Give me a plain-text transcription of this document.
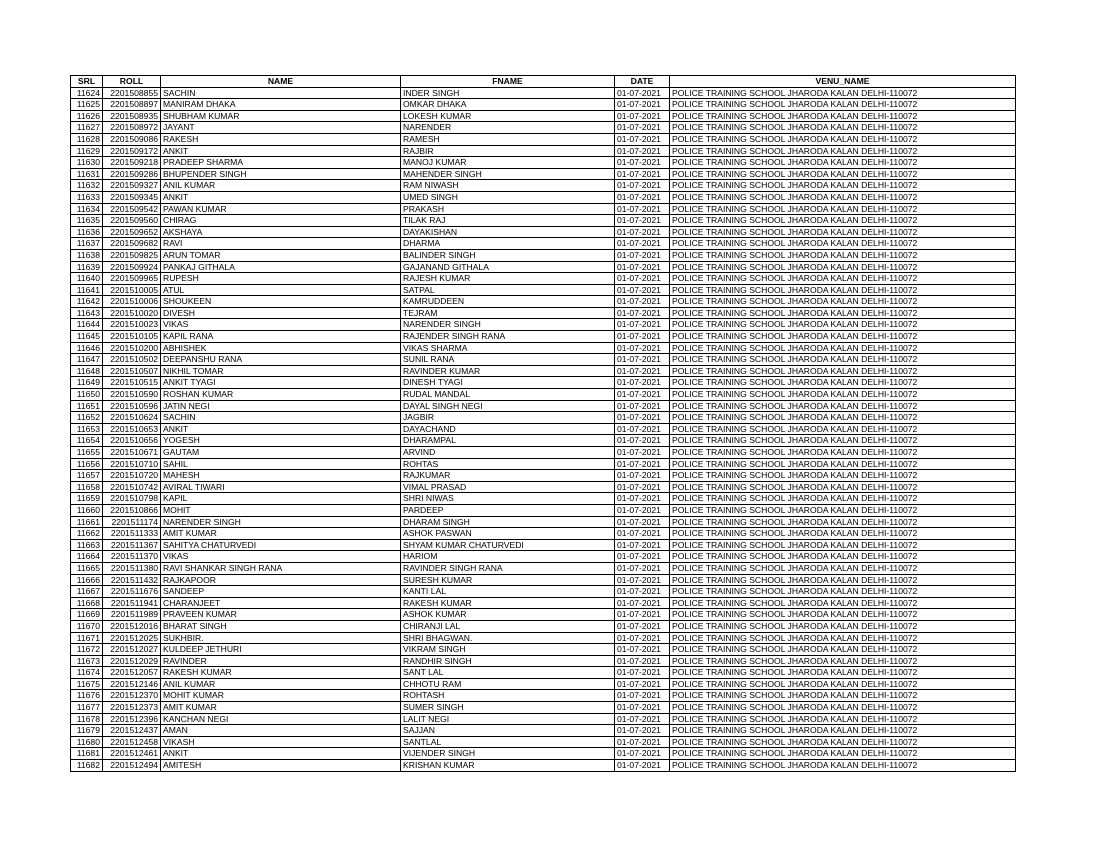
SRL	ROLL	NAME	FNAME	DATE	VENU_NAME
11624	2201508855	SACHIN	INDER SINGH	01-07-2021	POLICE TRAINING SCHOOL JHARODA KALAN DELHI-110072
11625	2201508897	MANIRAM DHAKA	OMKAR DHAKA	01-07-2021	POLICE TRAINING SCHOOL JHARODA KALAN DELHI-110072
11626	2201508935	SHUBHAM KUMAR	LOKESH KUMAR	01-07-2021	POLICE TRAINING SCHOOL JHARODA KALAN DELHI-110072
11627	2201508972	JAYANT	NARENDER	01-07-2021	POLICE TRAINING SCHOOL JHARODA KALAN DELHI-110072
11628	2201509086	RAKESH	RAMESH	01-07-2021	POLICE TRAINING SCHOOL JHARODA KALAN DELHI-110072
11629	2201509172	ANKIT	RAJBIR	01-07-2021	POLICE TRAINING SCHOOL JHARODA KALAN DELHI-110072
11630	2201509218	PRADEEP SHARMA	MANOJ KUMAR	01-07-2021	POLICE TRAINING SCHOOL JHARODA KALAN DELHI-110072
11631	2201509286	BHUPENDER SINGH	MAHENDER SINGH	01-07-2021	POLICE TRAINING SCHOOL JHARODA KALAN DELHI-110072
11632	2201509327	ANIL KUMAR	RAM NIWASH	01-07-2021	POLICE TRAINING SCHOOL JHARODA KALAN DELHI-110072
11633	2201509345	ANKIT	UMED SINGH	01-07-2021	POLICE TRAINING SCHOOL JHARODA KALAN DELHI-110072
11634	2201509542	PAWAN KUMAR	PRAKASH	01-07-2021	POLICE TRAINING SCHOOL JHARODA KALAN DELHI-110072
11635	2201509560	CHIRAG	TILAK RAJ	01-07-2021	POLICE TRAINING SCHOOL JHARODA KALAN DELHI-110072
11636	2201509652	AKSHAYA	DAYAKISHAN	01-07-2021	POLICE TRAINING SCHOOL JHARODA KALAN DELHI-110072
11637	2201509682	RAVI	DHARMA	01-07-2021	POLICE TRAINING SCHOOL JHARODA KALAN DELHI-110072
11638	2201509825	ARUN TOMAR	BALINDER SINGH	01-07-2021	POLICE TRAINING SCHOOL JHARODA KALAN DELHI-110072
11639	2201509924	PANKAJ GITHALA	GAJANAND GITHALA	01-07-2021	POLICE TRAINING SCHOOL JHARODA KALAN DELHI-110072
11640	2201509965	RUPESH	RAJESH KUMAR	01-07-2021	POLICE TRAINING SCHOOL JHARODA KALAN DELHI-110072
11641	2201510005	ATUL	SATPAL	01-07-2021	POLICE TRAINING SCHOOL JHARODA KALAN DELHI-110072
11642	2201510006	SHOUKEEN	KAMRUDDEEN	01-07-2021	POLICE TRAINING SCHOOL JHARODA KALAN DELHI-110072
11643	2201510020	DIVESH	TEJRAM	01-07-2021	POLICE TRAINING SCHOOL JHARODA KALAN DELHI-110072
11644	2201510023	VIKAS	NARENDER SINGH	01-07-2021	POLICE TRAINING SCHOOL JHARODA KALAN DELHI-110072
11645	2201510105	KAPIL RANA	RAJENDER SINGH RANA	01-07-2021	POLICE TRAINING SCHOOL JHARODA KALAN DELHI-110072
11646	2201510200	ABHISHEK	VIKAS SHARMA	01-07-2021	POLICE TRAINING SCHOOL JHARODA KALAN DELHI-110072
11647	2201510502	DEEPANSHU RANA	SUNIL RANA	01-07-2021	POLICE TRAINING SCHOOL JHARODA KALAN DELHI-110072
11648	2201510507	NIKHIL TOMAR	RAVINDER KUMAR	01-07-2021	POLICE TRAINING SCHOOL JHARODA KALAN DELHI-110072
11649	2201510515	ANKIT TYAGI	DINESH TYAGI	01-07-2021	POLICE TRAINING SCHOOL JHARODA KALAN DELHI-110072
11650	2201510590	ROSHAN KUMAR	RUDAL MANDAL	01-07-2021	POLICE TRAINING SCHOOL JHARODA KALAN DELHI-110072
11651	2201510596	JATIN NEGI	DAYAL SINGH NEGI	01-07-2021	POLICE TRAINING SCHOOL JHARODA KALAN DELHI-110072
11652	2201510624	SACHIN	JAGBIR	01-07-2021	POLICE TRAINING SCHOOL JHARODA KALAN DELHI-110072
11653	2201510653	ANKIT	DAYACHAND	01-07-2021	POLICE TRAINING SCHOOL JHARODA KALAN DELHI-110072
11654	2201510656	YOGESH	DHARAMPAL	01-07-2021	POLICE TRAINING SCHOOL JHARODA KALAN DELHI-110072
11655	2201510671	GAUTAM	ARVIND	01-07-2021	POLICE TRAINING SCHOOL JHARODA KALAN DELHI-110072
11656	2201510710	SAHIL	ROHTAS	01-07-2021	POLICE TRAINING SCHOOL JHARODA KALAN DELHI-110072
11657	2201510720	MAHESH	RAJKUMAR	01-07-2021	POLICE TRAINING SCHOOL JHARODA KALAN DELHI-110072
11658	2201510742	AVIRAL TIWARI	VIMAL PRASAD	01-07-2021	POLICE TRAINING SCHOOL JHARODA KALAN DELHI-110072
11659	2201510798	KAPIL	SHRI NIWAS	01-07-2021	POLICE TRAINING SCHOOL JHARODA KALAN DELHI-110072
11660	2201510866	MOHIT	PARDEEP	01-07-2021	POLICE TRAINING SCHOOL JHARODA KALAN DELHI-110072
11661	2201511174	NARENDER SINGH	DHARAM SINGH	01-07-2021	POLICE TRAINING SCHOOL JHARODA KALAN DELHI-110072
11662	2201511333	AMIT KUMAR	ASHOK PASWAN	01-07-2021	POLICE TRAINING SCHOOL JHARODA KALAN DELHI-110072
11663	2201511367	SAHITYA CHATURVEDI	SHYAM KUMAR CHATURVEDI	01-07-2021	POLICE TRAINING SCHOOL JHARODA KALAN DELHI-110072
11664	2201511370	VIKAS	HARIOM	01-07-2021	POLICE TRAINING SCHOOL JHARODA KALAN DELHI-110072
11665	2201511380	RAVI SHANKAR SINGH RANA	RAVINDER SINGH RANA	01-07-2021	POLICE TRAINING SCHOOL JHARODA KALAN DELHI-110072
11666	2201511432	RAJKAPOOR	SURESH KUMAR	01-07-2021	POLICE TRAINING SCHOOL JHARODA KALAN DELHI-110072
11667	2201511676	SANDEEP	KANTI LAL	01-07-2021	POLICE TRAINING SCHOOL JHARODA KALAN DELHI-110072
11668	2201511941	CHARANJEET	RAKESH KUMAR	01-07-2021	POLICE TRAINING SCHOOL JHARODA KALAN DELHI-110072
11669	2201511989	PRAVEEN KUMAR	ASHOK KUMAR	01-07-2021	POLICE TRAINING SCHOOL JHARODA KALAN DELHI-110072
11670	2201512016	BHARAT SINGH	CHIRANJI LAL	01-07-2021	POLICE TRAINING SCHOOL JHARODA KALAN DELHI-110072
11671	2201512025	SUKHBIR.	SHRI BHAGWAN.	01-07-2021	POLICE TRAINING SCHOOL JHARODA KALAN DELHI-110072
11672	2201512027	KULDEEP JETHURI	VIKRAM SINGH	01-07-2021	POLICE TRAINING SCHOOL JHARODA KALAN DELHI-110072
11673	2201512029	RAVINDER	RANDHIR SINGH	01-07-2021	POLICE TRAINING SCHOOL JHARODA KALAN DELHI-110072
11674	2201512057	RAKESH KUMAR	SANT LAL	01-07-2021	POLICE TRAINING SCHOOL JHARODA KALAN DELHI-110072
11675	2201512146	ANIL KUMAR	CHHOTU RAM	01-07-2021	POLICE TRAINING SCHOOL JHARODA KALAN DELHI-110072
11676	2201512370	MOHIT KUMAR	ROHTASH	01-07-2021	POLICE TRAINING SCHOOL JHARODA KALAN DELHI-110072
11677	2201512373	AMIT KUMAR	SUMER SINGH	01-07-2021	POLICE TRAINING SCHOOL JHARODA KALAN DELHI-110072
11678	2201512396	KANCHAN NEGI	LALIT NEGI	01-07-2021	POLICE TRAINING SCHOOL JHARODA KALAN DELHI-110072
11679	2201512437	AMAN	SAJJAN	01-07-2021	POLICE TRAINING SCHOOL JHARODA KALAN DELHI-110072
11680	2201512458	VIKASH	SANTLAL	01-07-2021	POLICE TRAINING SCHOOL JHARODA KALAN DELHI-110072
11681	2201512461	ANKIT	VIJENDER SINGH	01-07-2021	POLICE TRAINING SCHOOL JHARODA KALAN DELHI-110072
11682	2201512494	AMITESH	KRISHAN KUMAR	01-07-2021	POLICE TRAINING SCHOOL JHARODA KALAN DELHI-110072
